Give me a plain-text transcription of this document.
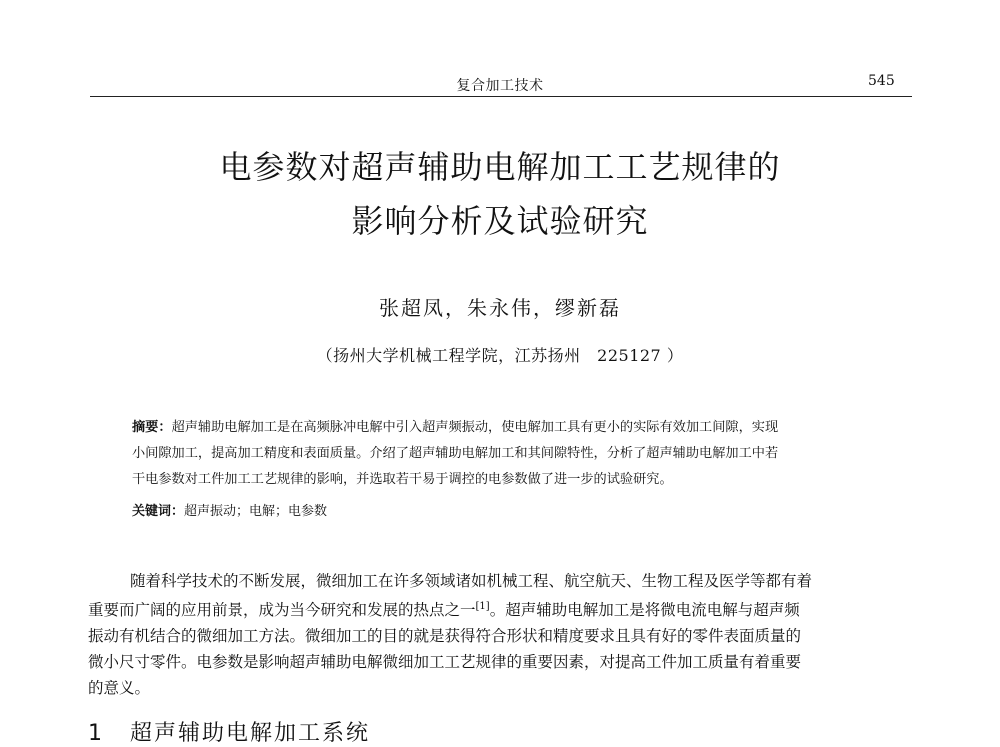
复合加工技术	545
电参数对超声辅助电解加工工艺规律的
影响分析及试验研究
张超凤，朱永伟，缪新磊
（扬州大学机械工程学院，江苏扬州　225127 ）
摘要：超声辅助电解加工是在高频脉冲电解中引入超声频振动，使电解加工具有更小的实际有效加工间隙，实现
小间隙加工，提高加工精度和表面质量。介绍了超声辅助电解加工和其间隙特性，分析了超声辅助电解加工中若
干电参数对工件加工工艺规律的影响，并选取若干易于调控的电参数做了进一步的试验研究。
关键词：超声振动；电解；电参数
随着科学技术的不断发展，微细加工在许多领域诸如机械工程、航空航天、生物工程及医学等都有着
重要而广阔的应用前景，成为当今研究和发展的热点之一[1]。超声辅助电解加工是将微电流电解与超声频
振动有机结合的微细加工方法。微细加工的目的就是获得符合形状和精度要求且具有好的零件表面质量的
微小尺寸零件。电参数是影响超声辅助电解微细加工工艺规律的重要因素，对提高工件加工质量有着重要
的意义。
1 超声辅助电解加工系统
